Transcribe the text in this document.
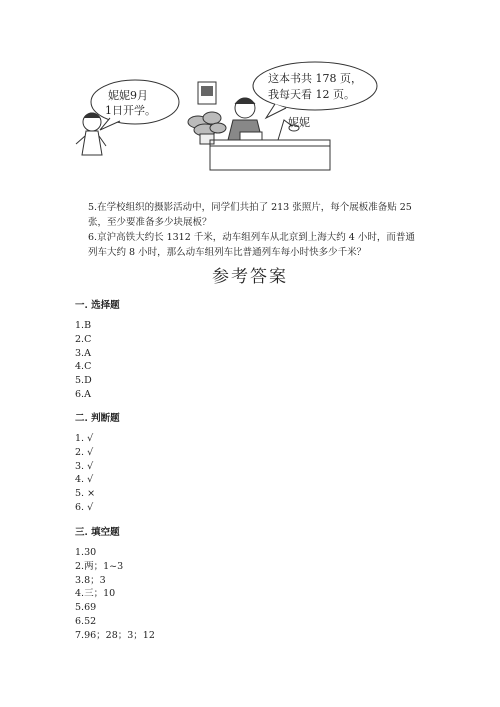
妮妮9月
1日开学。
这本书共 178 页，
我每天看 12 页。
妮妮

5.在学校组织的摄影活动中，同学们共拍了 213 张照片，每个展板准备贴 25 张，至少要准备多少块展板？

6.京沪高铁大约长 1312 千米，动车组列车从北京到上海大约 4 小时，而普通列车大约 8 小时，那么动车组列车比普通列车每小时快多少千米？

参考答案
一. 选择题
1.B
2.C
3.A
4.C
5.D
6.A
二. 判断题
1. √
2. √
3. √
4. √
5. ×
6. √
三. 填空题
1.30
2.两；1~3
3.8；3
4.三；10
5.69
6.52
7.96；28；3；12
